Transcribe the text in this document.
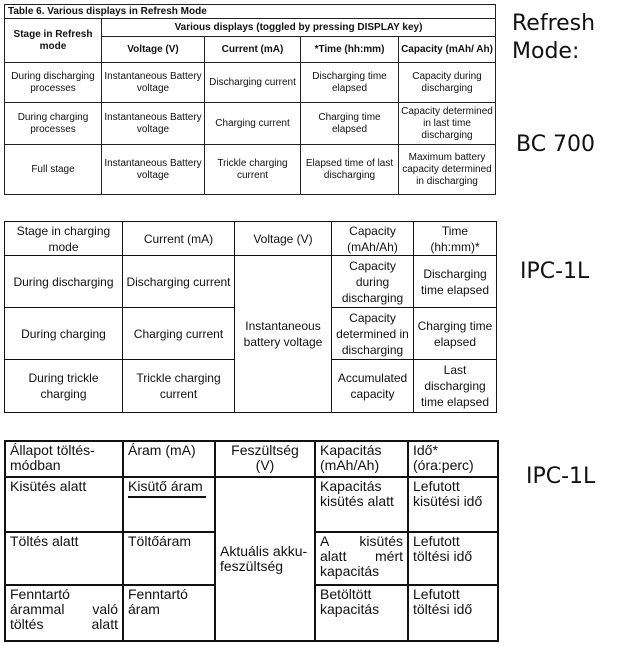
Table 6. Various displays in Refresh Mode				
Stage in Refresh mode	Various displays (toggled by pressing DISPLAY key)			
	Voltage (V)	Current (mA)	*Time (hh:mm)	Capacity (mAh/ Ah)
During discharging processes	Instantaneous Battery voltage	Discharging current	Discharging time elapsed	Capacity during discharging
During charging processes	Instantaneous Battery voltage	Charging current	Charging time elapsed	Capacity determined in last time discharging
Full stage	Instantaneous Battery voltage	Trickle charging current	Elapsed time of last discharging	Maximum battery capacity determined in discharging
Stage in charging mode	Current (mA)	Voltage (V)	Capacity (mAh/Ah)	Time (hh:mm)*
During discharging	Discharging current	Instantaneous battery voltage	Capacity during discharging	Discharging time elapsed
During charging	Charging current		Capacity determined in discharging	Charging time elapsed
During trickle charging	Trickle charging current		Accumulated capacity	Last discharging time elapsed
Állapot töltés-módban	Áram (mA)	Feszültség (V)	Kapacitás (mAh/Ah)	Idő* (óra:perc)
Kisütés alatt	Kisütő áram	Aktuális akku-feszültség	Kapacitás kisütés alatt	Lefutott kisütési idő
Töltés alatt	Töltőáram		A kisütés alatt mért kapacitás	Lefutott töltési idő
Fenntartó árammal való töltés alatt	Fenntartó áram		Betöltött kapacitás	Lefutott töltési idő
Refresh
Mode:
BC 700
IPC-1L
IPC-1L
